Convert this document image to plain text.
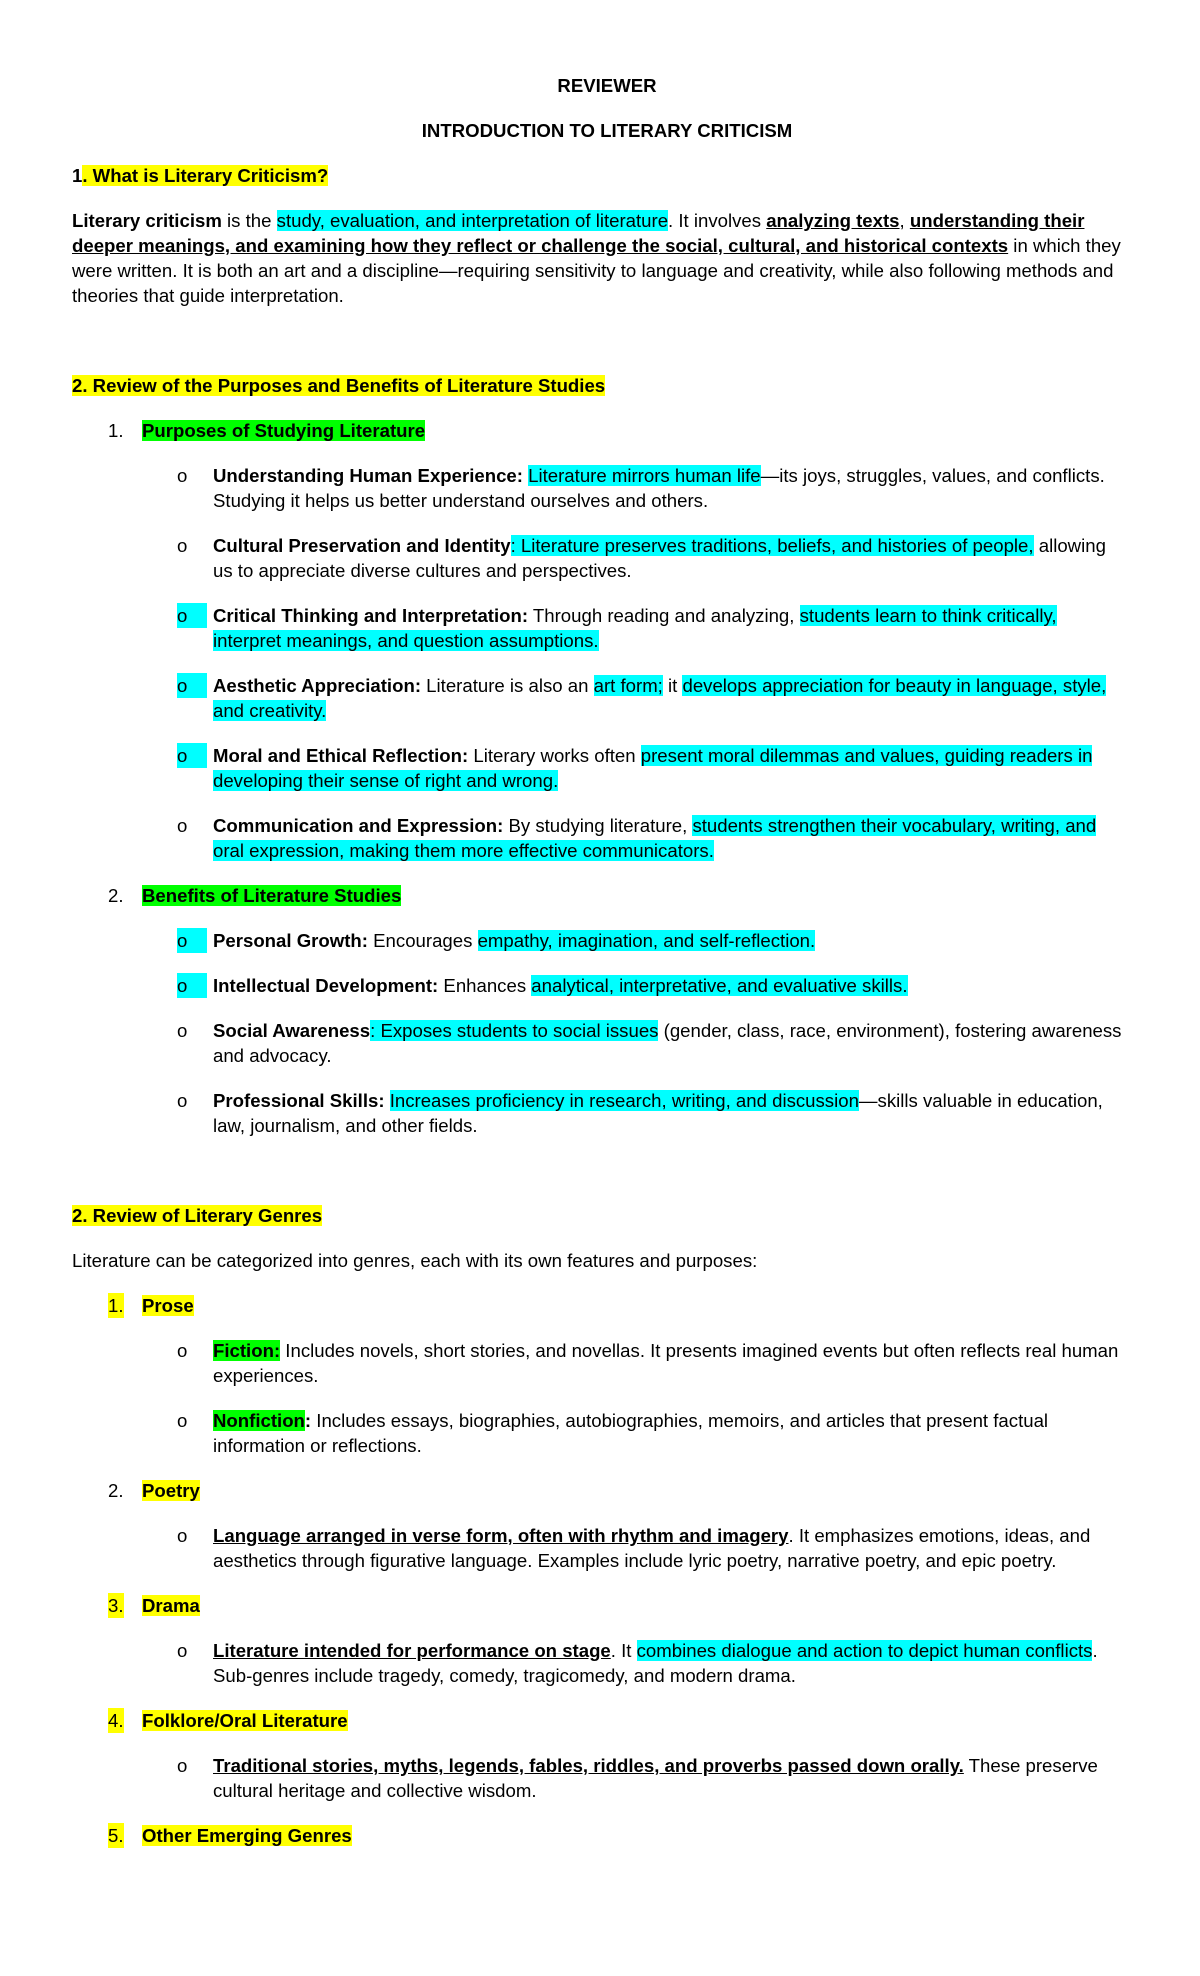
REVIEWER
INTRODUCTION TO LITERARY CRITICISM
1. What is Literary Criticism?

Literary criticism is the study, evaluation, and interpretation of literature. It involves analyzing texts, understanding their deeper meanings, and examining how they reflect or challenge the social, cultural, and historical contexts in which they were written. It is both an art and a discipline—requiring sensitivity to language and creativity, while also following methods and theories that guide interpretation.

2. Review of the Purposes and Benefits of Literature Studies
1. Purposes of Studying Literature
o	Understanding Human Experience: Literature mirrors human life—its joys, struggles, values, and conflicts. Studying it helps us better understand ourselves and others.
o	Cultural Preservation and Identity: Literature preserves traditions, beliefs, and histories of people, allowing us to appreciate diverse cultures and perspectives.
o	Critical Thinking and Interpretation: Through reading and analyzing, students learn to think critically, interpret meanings, and question assumptions.
o	Aesthetic Appreciation: Literature is also an art form; it develops appreciation for beauty in language, style, and creativity.
o	Moral and Ethical Reflection: Literary works often present moral dilemmas and values, guiding readers in developing their sense of right and wrong.
o	Communication and Expression: By studying literature, students strengthen their vocabulary, writing, and oral expression, making them more effective communicators.
2. Benefits of Literature Studies
o	Personal Growth: Encourages empathy, imagination, and self-reflection.
o	Intellectual Development: Enhances analytical, interpretative, and evaluative skills.
o	Social Awareness: Exposes students to social issues (gender, class, race, environment), fostering awareness and advocacy.
o	Professional Skills: Increases proficiency in research, writing, and discussion—skills valuable in education, law, journalism, and other fields.
2. Review of Literary Genres

Literature can be categorized into genres, each with its own features and purposes:

1. Prose
o	Fiction: Includes novels, short stories, and novellas. It presents imagined events but often reflects real human experiences.
o	Nonfiction: Includes essays, biographies, autobiographies, memoirs, and articles that present factual information or reflections.
2. Poetry
o	Language arranged in verse form, often with rhythm and imagery. It emphasizes emotions, ideas, and aesthetics through figurative language. Examples include lyric poetry, narrative poetry, and epic poetry.
3. Drama
o	Literature intended for performance on stage. It combines dialogue and action to depict human conflicts. Sub-genres include tragedy, comedy, tragicomedy, and modern drama.
4. Folklore/Oral Literature
o	Traditional stories, myths, legends, fables, riddles, and proverbs passed down orally. These preserve cultural heritage and collective wisdom.
5. Other Emerging Genres
